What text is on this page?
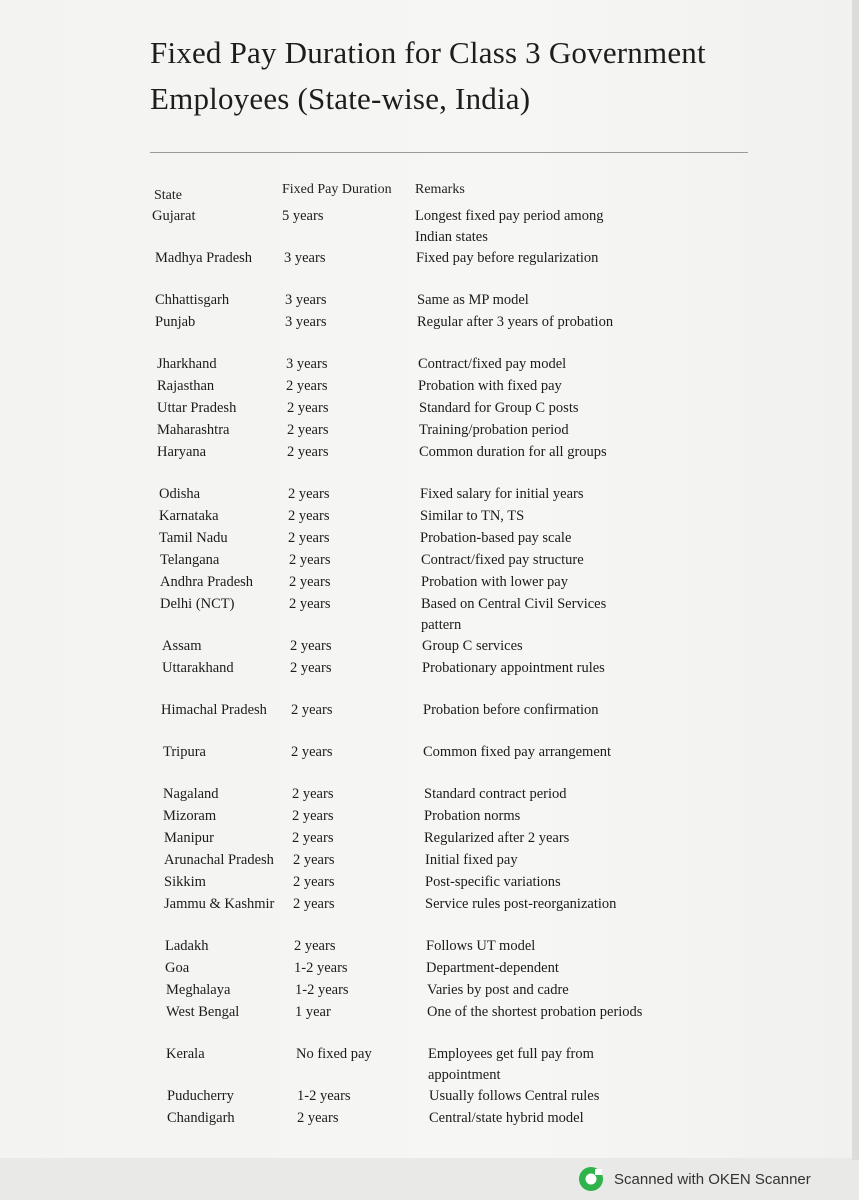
Fixed Pay Duration for Class 3 Government Employees (State-wise, India)
State	Fixed Pay Duration Remarks
Gujarat	5 years	Longest fixed pay period among Indian states
Madhya Pradesh 3 years	Fixed pay before regularization
Chhattisgarh	3 years	Same as MP model
Punjab	3 years	Regular after 3 years of probation
Jharkhand	3 years	Contract/fixed pay model
Rajasthan	2 years	Probation with fixed pay
Uttar Pradesh	2 years	Standard for Group C posts
Maharashtra	2 years	Training/probation period
Haryana	2 years	Common duration for all groups
Odisha	2 years	Fixed salary for initial years
Karnataka	2 years	Similar to TN, TS
Tamil Nadu	2 years	Probation-based pay scale
Telangana	2 years	Contract/fixed pay structure
Andhra Pradesh 2 years	Probation with lower pay
Delhi (NCT)	2 years	Based on Central Civil Services pattern
Assam	2 years	Group C services
Uttarakhand	2 years	Probationary appointment rules
Himachal Pradesh 2 years	Probation before confirmation
Tripura	2 years	Common fixed pay arrangement
Nagaland	2 years	Standard contract period
Mizoram	2 years	Probation norms
Manipur	2 years	Regularized after 2 years
Arunachal Pradesh 2 years	Initial fixed pay
Sikkim	2 years	Post-specific variations
Jammu & Kashmir 2 years	Service rules post-reorganization
Ladakh	2 years	Follows UT model
Goa	1-2 years	Department-dependent
Meghalaya	1-2 years	Varies by post and cadre
West Bengal	1 year	One of the shortest probation periods
Kerala	No fixed pay	Employees get full pay from appointment
Puducherry	1-2 years	Usually follows Central rules
Chandigarh	2 years	Central/state hybrid model
Scanned with OKEN Scanner
